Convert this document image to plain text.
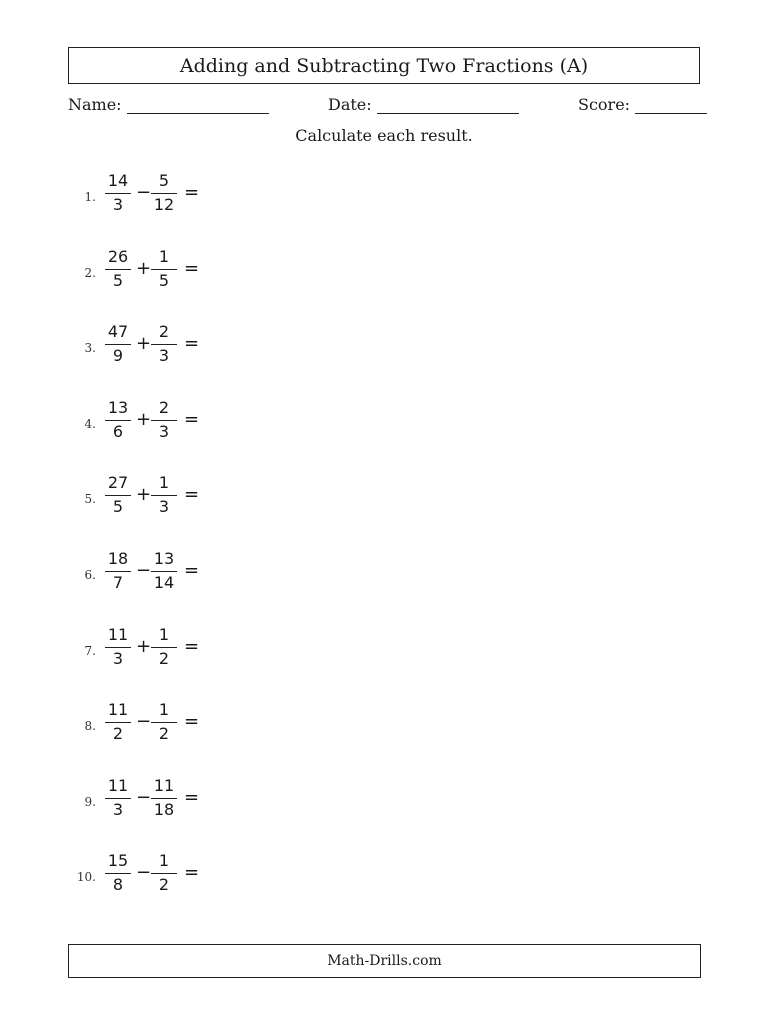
Adding and Subtracting Two Fractions (A)
Name:	Date:	Score:
Calculate each result.
1.
14
3
−
5
12
=
2.
26
5
+
1
5
=
3.
47
9
+
2
3
=
4.
13
6
+
2
3
=
5.
27
5
+
1
3
=
6.
18
7
−
13
14
=
7.
11
3
+
1
2
=
8.
11
2
−
1
2
=
9.
11
3
−
11
18
=
10.
15
8
−
1
2
=
Math-Drills.com
